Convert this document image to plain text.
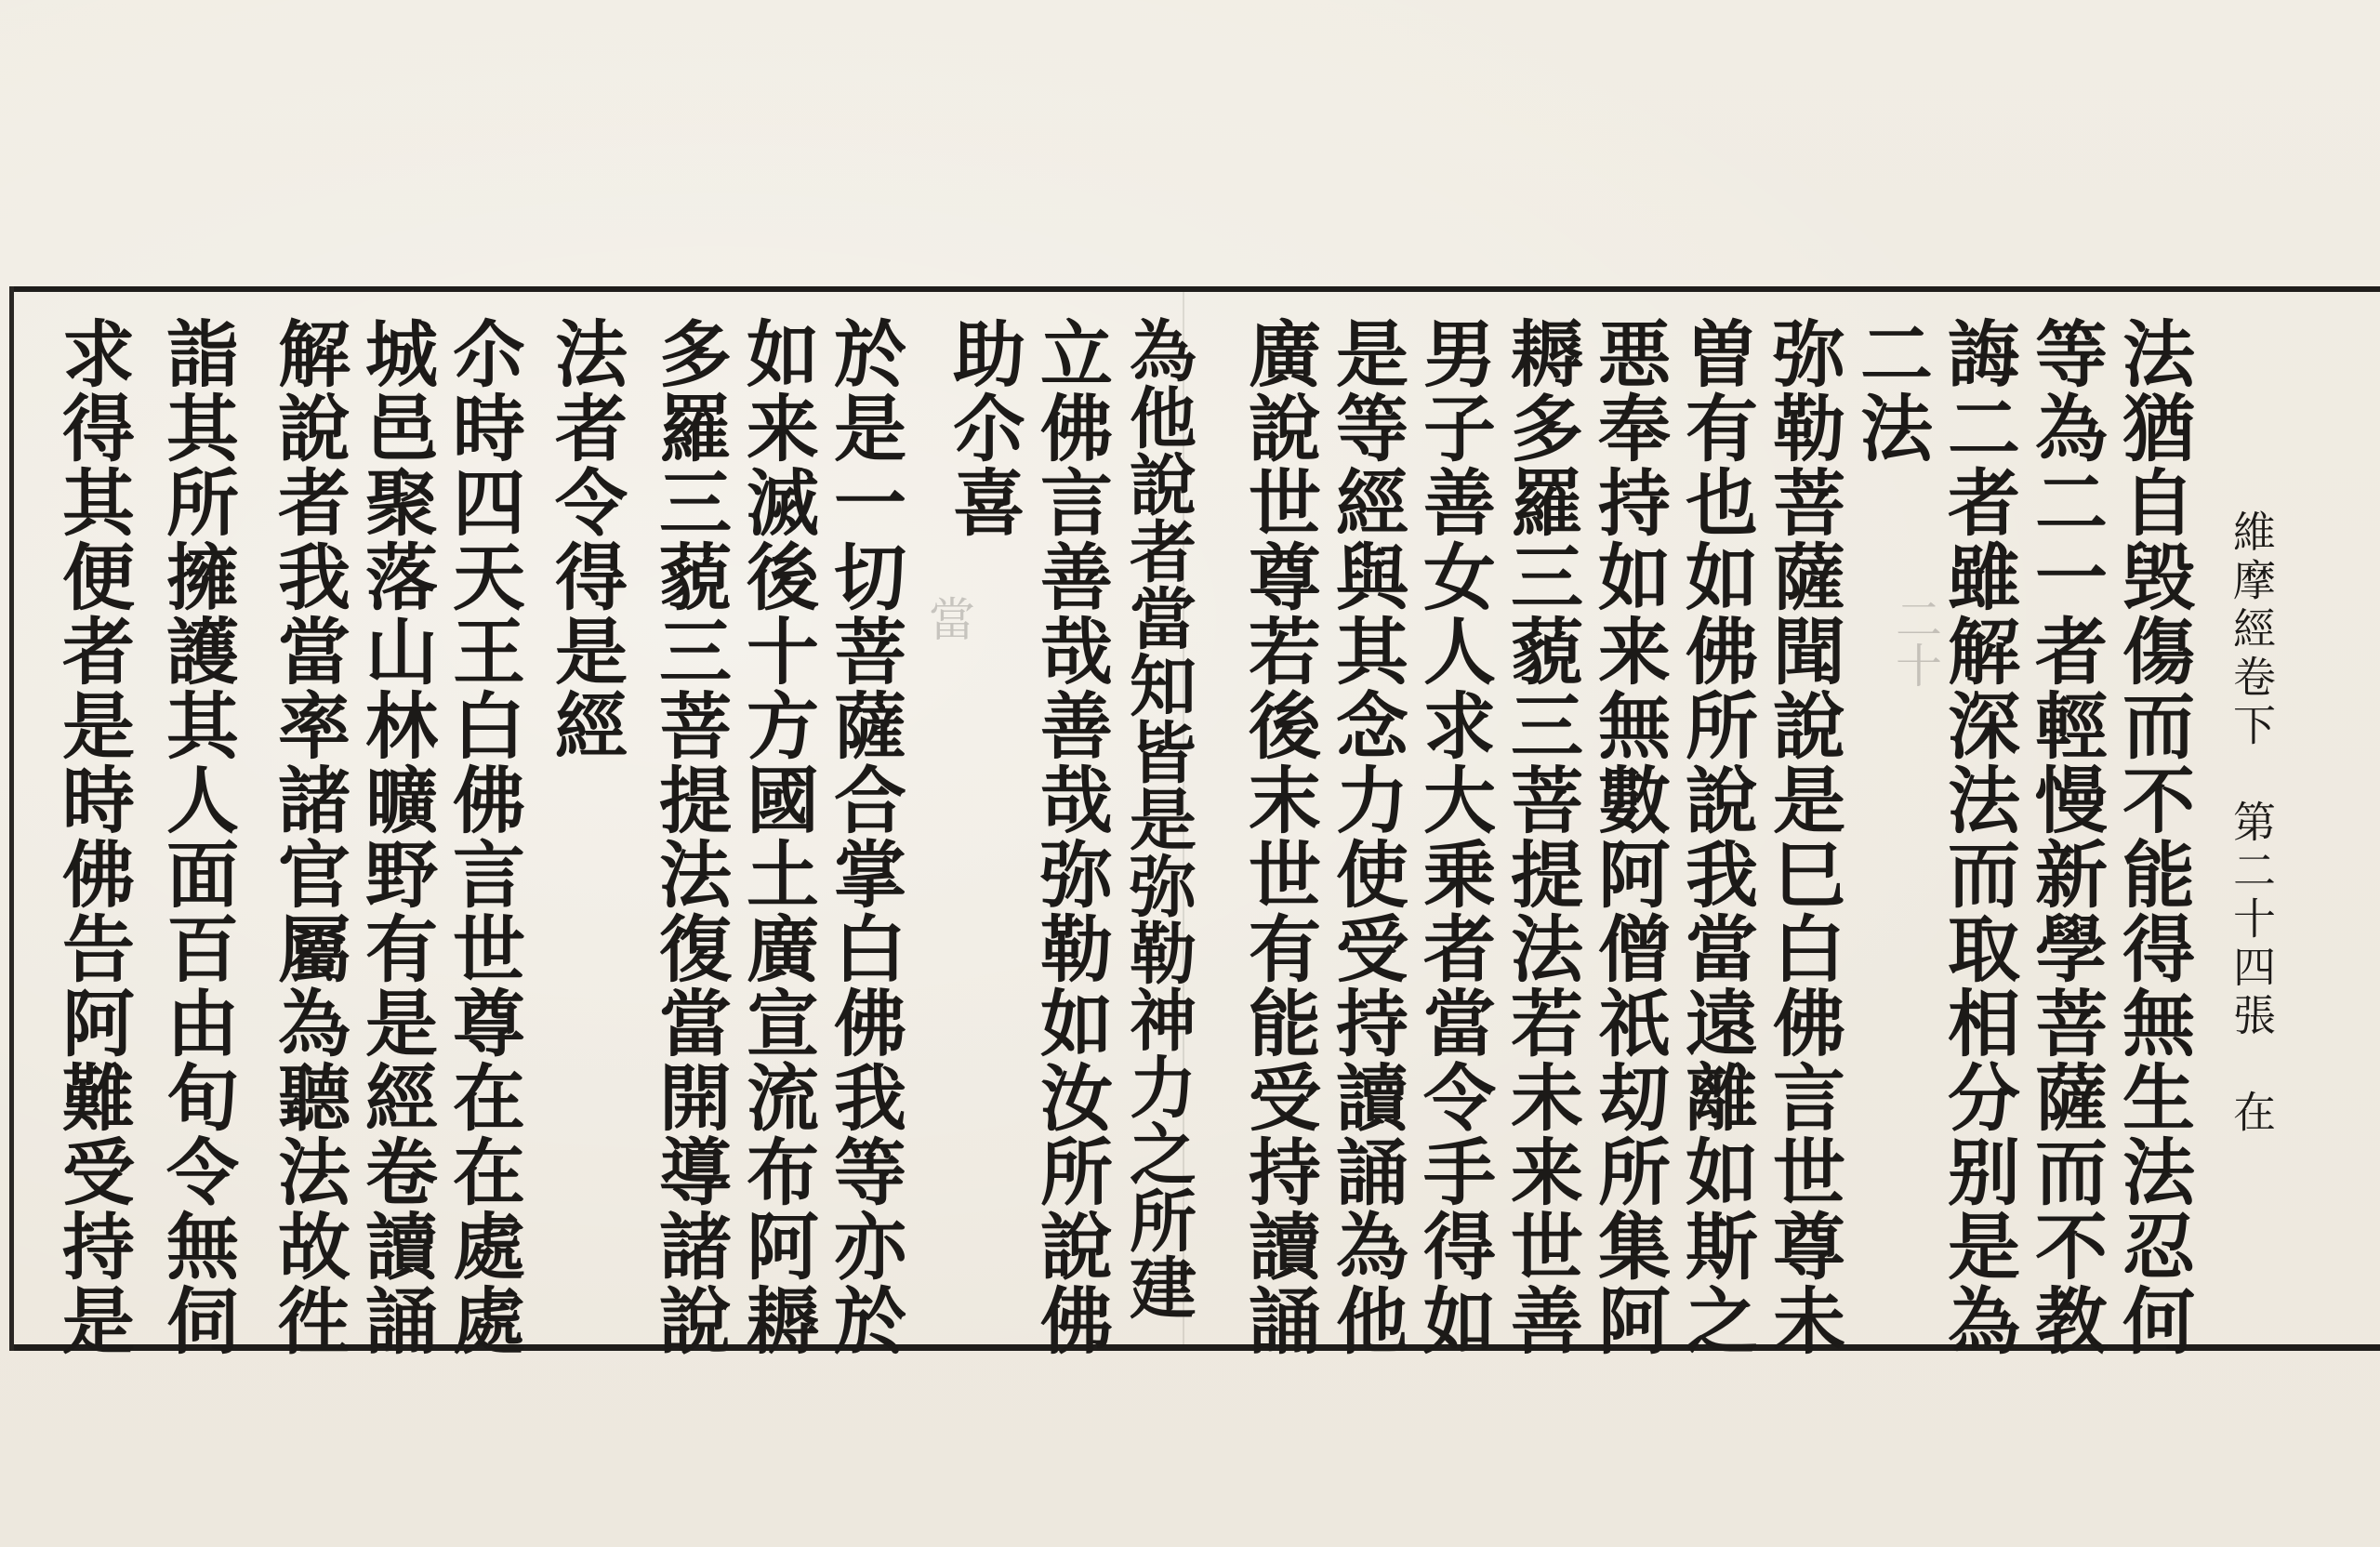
維摩經卷下　第二十四張　在
二十
當	法猶自毁傷而不能得無生法忍何
等為二一者輕慢新學菩薩而不教
誨二者雖解深法而取相分别是為
二法
弥勒菩薩聞說是巳白佛言世尊未
曽有也如佛所說我當遠離如斯之
悪奉持如来無數阿僧祇刧所集阿
耨多羅三藐三菩提法若未来世善
男子善女人求大乗者當令手得如
是等經與其念力使受持讀誦為他
廣說世尊若後末世有能受持讀誦
為他說者當知皆是弥勒神力之所建
立佛言善哉善哉弥勒如汝所說佛
助尒喜
於是一切菩薩合掌白佛我等亦於
如来滅後十方國土廣宣流布阿耨
多羅三藐三菩提法復當開導諸說
法者令得是經
尒時四天王白佛言世尊在在處處
城邑聚落山林曠野有是經卷讀誦
解說者我當率諸官屬為聽法故徃
詣其所擁護其人面百由旬令無伺
求得其便者是時佛告阿難受持是
